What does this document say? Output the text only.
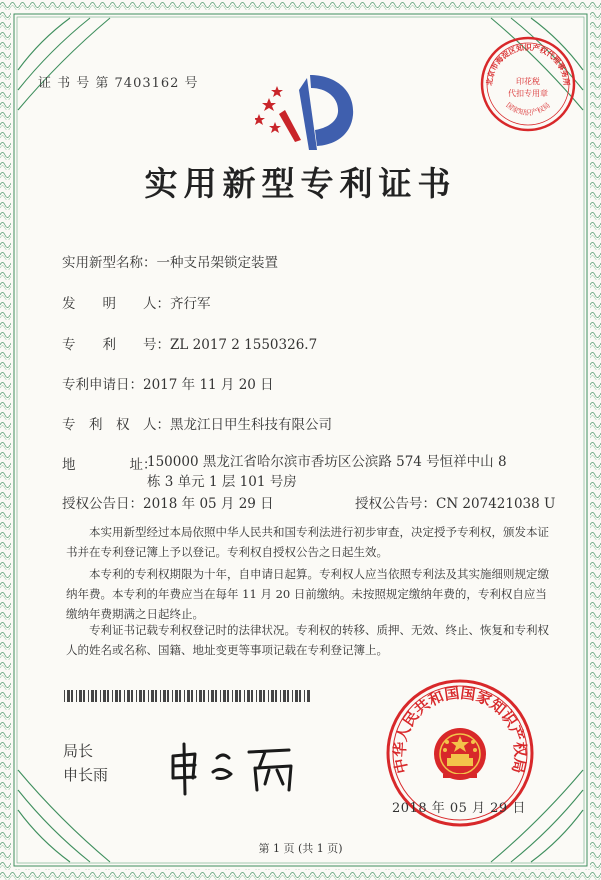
北京市海淀区知识产权代理事务所
印花税
代扣专用章
国家知识产权局
证 书 号 第 7403162 号
实用新型专利证书
实用新型名称：一种支吊架锁定装置
发　　明　　人：齐行军
专　　利　　号：ZL 2017 2 1550326.7
专利申请日：2017 年 11 月 20 日
专　利　权　人：黑龙江日甲生科技有限公司
地　　　　址：
150000 黑龙江省哈尔滨市香坊区公滨路 574 号恒祥中山 8
栋 3 单元 1 层 101 号房
授权公告日：2018 年 05 月 29 日	授权公告号：CN 207421038 U
本实用新型经过本局依照中华人民共和国专利法进行初步审查，决定授予专利权，颁发本证书并在专利登记簿上予以登记。专利权自授权公告之日起生效。
本专利的专利权期限为十年，自申请日起算。专利权人应当依照专利法及其实施细则规定缴纳年费。本专利的年费应当在每年 11 月 20 日前缴纳。未按照规定缴纳年费的，专利权自应当缴纳年费期满之日起终止。
专利证书记载专利权登记时的法律状况。专利权的转移、质押、无效、终止、恢复和专利权人的姓名或名称、国籍、地址变更等事项记载在专利登记簿上。
局长
申长雨	中华人民共和国国家知识产权局
2018 年 05 月 29 日
第 1 页 (共 1 页)
